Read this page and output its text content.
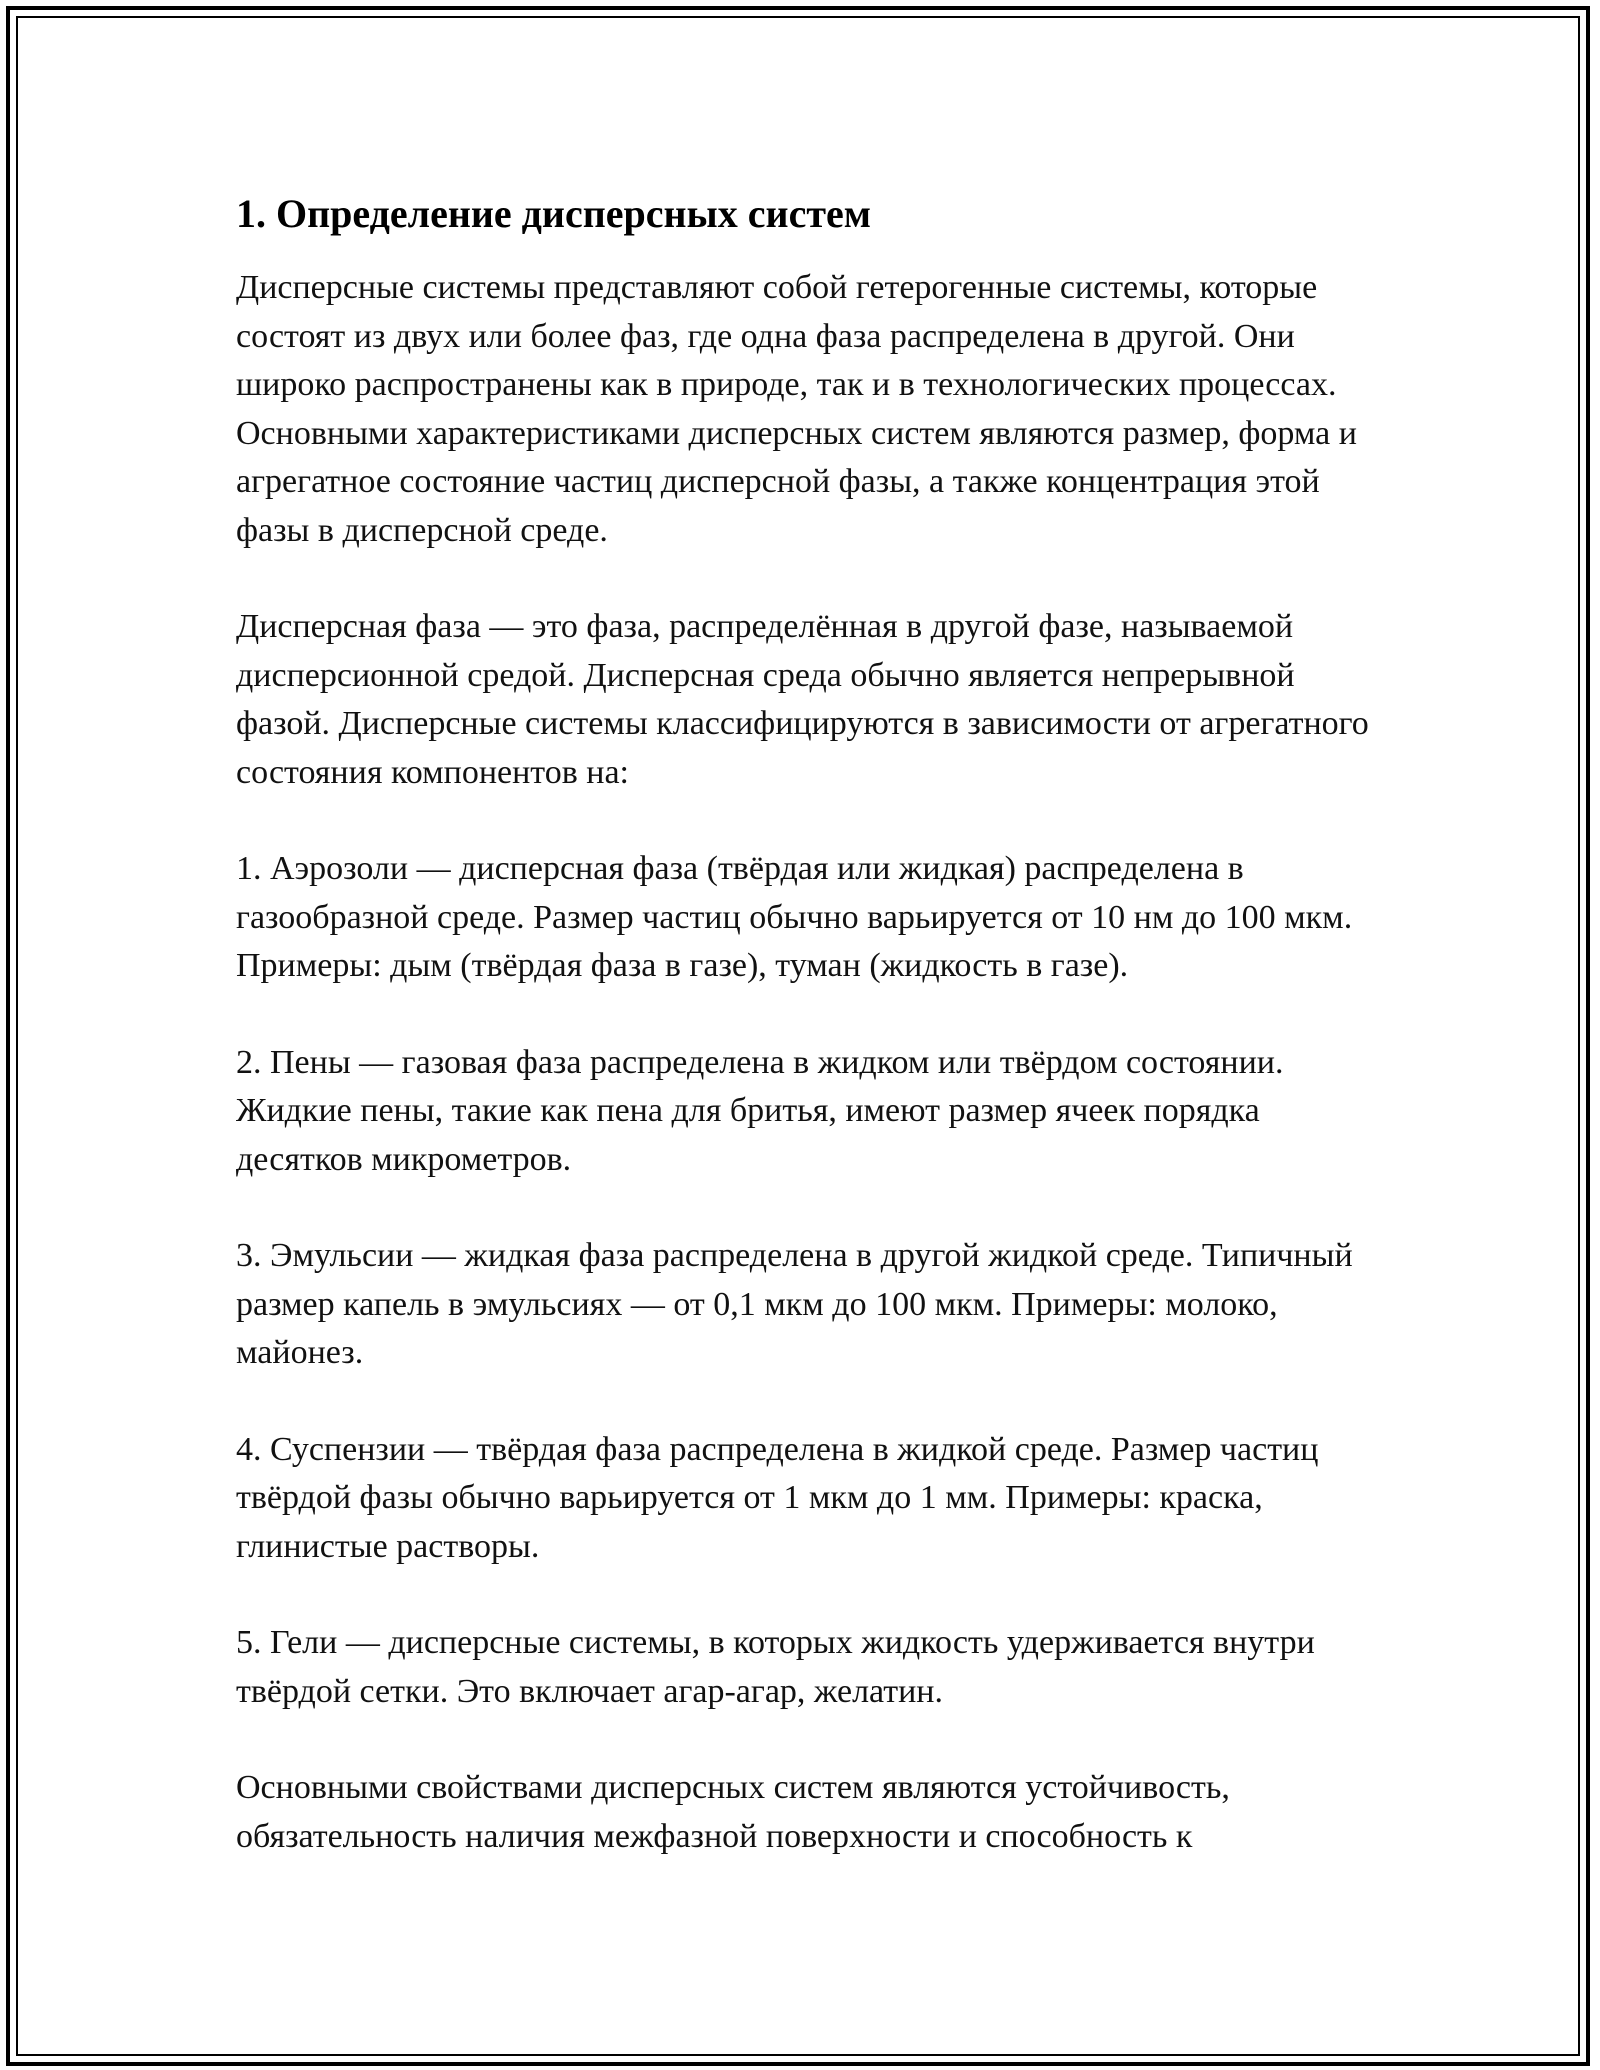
1. Определение дисперсных систем

Дисперсные системы представляют собой гетерогенные системы, которые состоят из двух или более фаз, где одна фаза распределена в другой. Они широко распространены как в природе, так и в технологических процессах. Основными характеристиками дисперсных систем являются размер, форма и агрегатное состояние частиц дисперсной фазы, а также концентрация этой фазы в дисперсной среде.

Дисперсная фаза — это фаза, распределённая в другой фазе, называемой дисперсионной средой. Дисперсная среда обычно является непрерывной фазой. Дисперсные системы классифицируются в зависимости от агрегатного состояния компонентов на:

1. Аэрозоли — дисперсная фаза (твёрдая или жидкая) распределена в газообразной среде. Размер частиц обычно варьируется от 10 нм до 100 мкм. Примеры: дым (твёрдая фаза в газе), туман (жидкость в газе).

2. Пены — газовая фаза распределена в жидком или твёрдом состоянии. Жидкие пены, такие как пена для бритья, имеют размер ячеек порядка десятков микрометров.

3. Эмульсии — жидкая фаза распределена в другой жидкой среде. Типичный размер капель в эмульсиях — от 0,1 мкм до 100 мкм. Примеры: молоко, майонез.

4. Суспензии — твёрдая фаза распределена в жидкой среде. Размер частиц твёрдой фазы обычно варьируется от 1 мкм до 1 мм. Примеры: краска, глинистые растворы.

5. Гели — дисперсные системы, в которых жидкость удерживается внутри твёрдой сетки. Это включает агар-агар, желатин.

Основными свойствами дисперсных систем являются устойчивость, обязательность наличия межфазной поверхности и способность к
